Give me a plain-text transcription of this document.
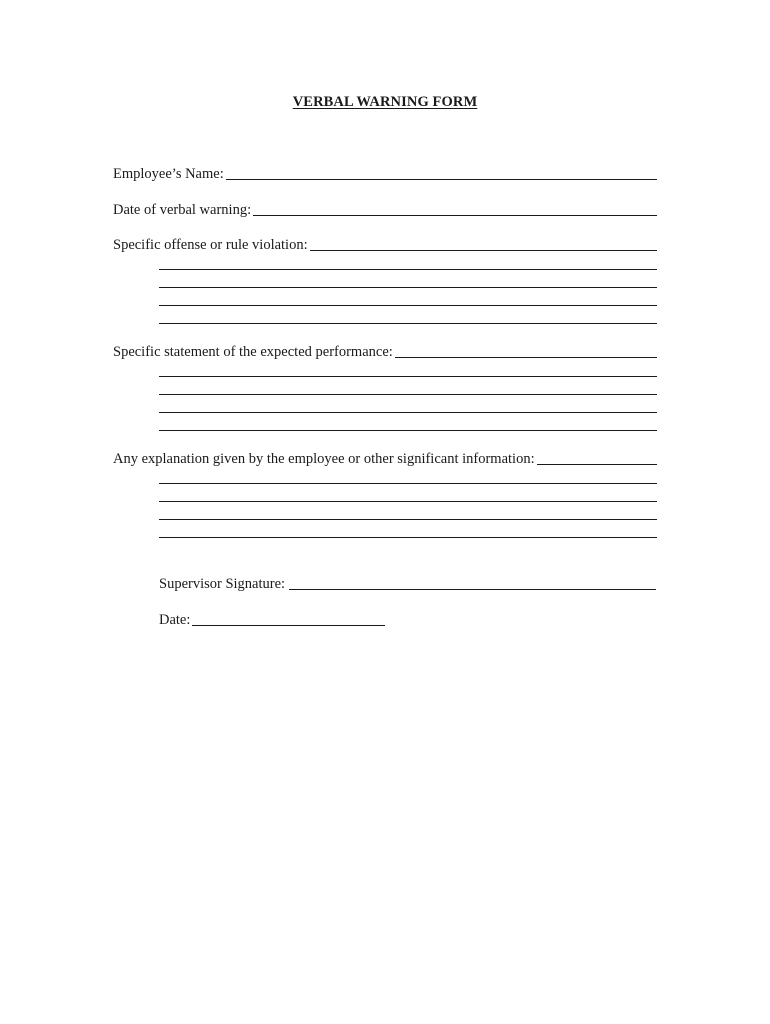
VERBAL WARNING FORM
Employee’s Name:
Date of verbal warning:
Specific offense or rule violation:
Specific statement of the expected performance:
Any explanation given by the employee or other significant information:
Supervisor Signature:
Date:
